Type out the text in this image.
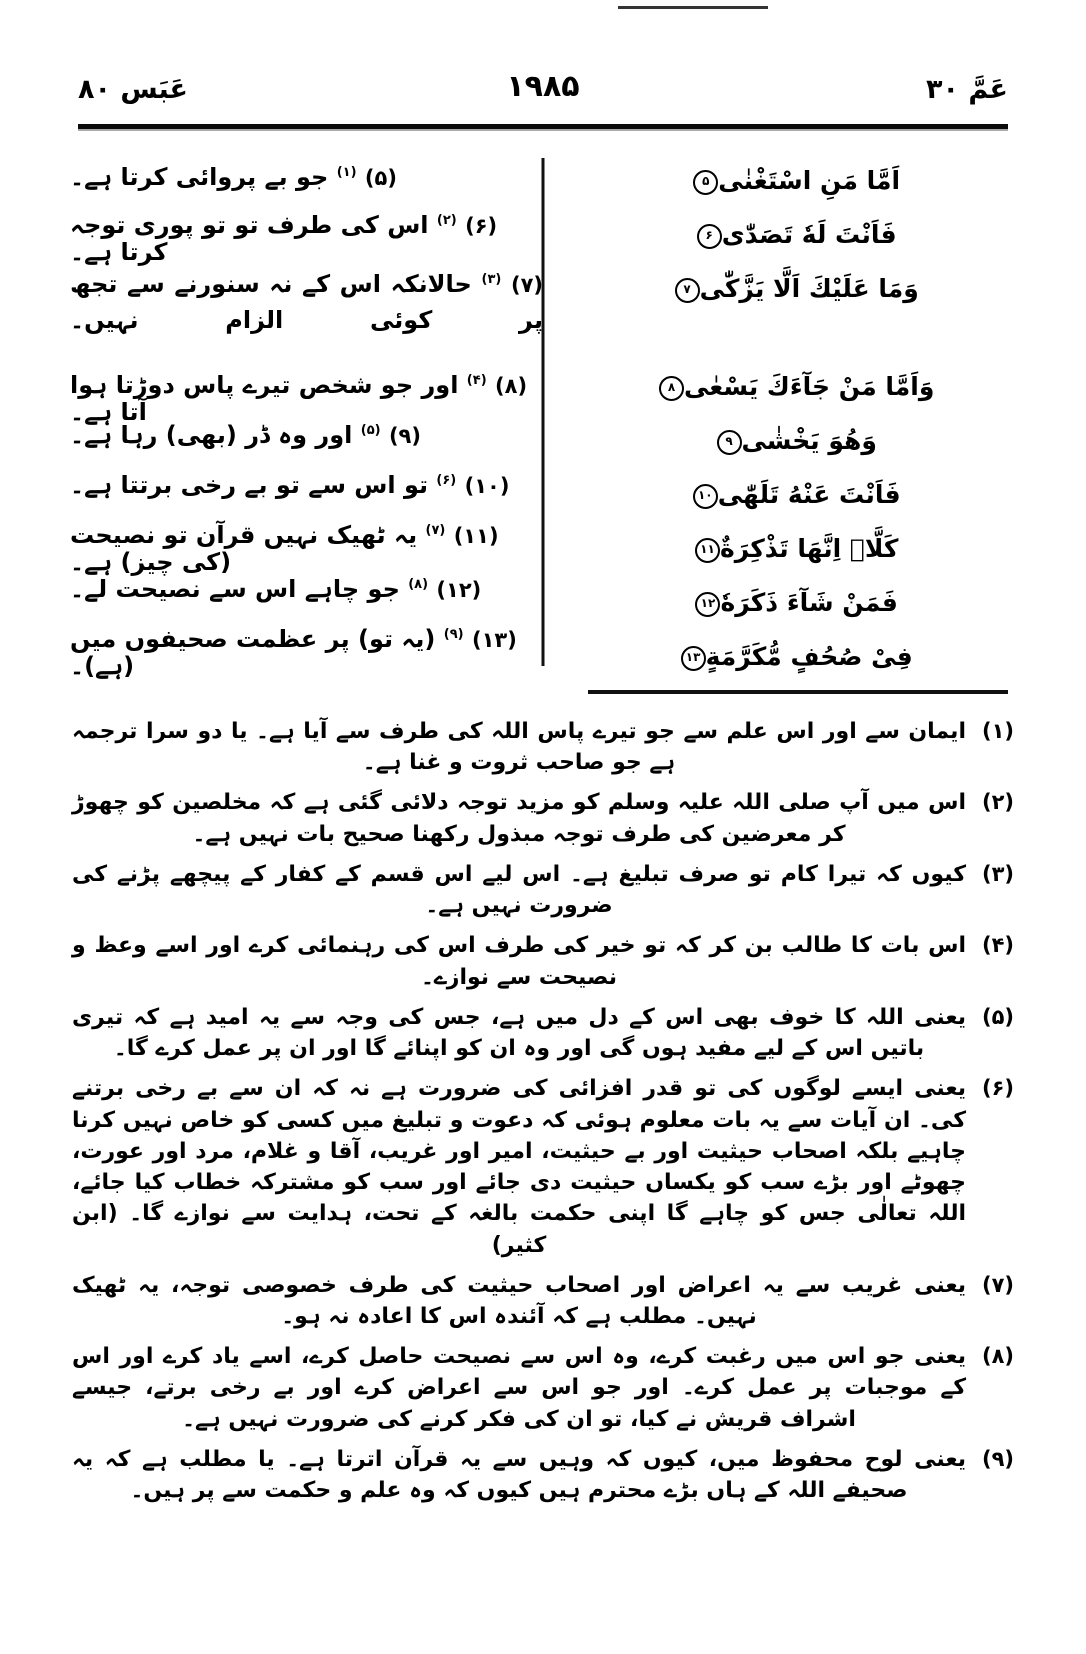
عَمَّ ۳۰
۱۹۸۵
عَبَس ۸۰
اَمَّا مَنِ اسْتَغْنٰى۵
فَاَنْتَ لَهٗ تَصَدّٰى۶
وَمَا عَلَيْكَ اَلَّا يَزَّكّٰى۷
وَاَمَّا مَنْ جَآءَكَ يَسْعٰى۸
وَهُوَ يَخْشٰى۹
فَاَنْتَ عَنْهُ تَلَهّٰى۱۰
كَلَّاۤ اِنَّهَا تَذْكِرَةٌ۱۱
فَمَنْ شَآءَ ذَكَرَهٗ۱۲
فِىْ صُحُفٍ مُّكَرَّمَةٍ۱۳
(۵) $^{(۱)}$ جو بے پروائی کرتا ہے۔
(۶) $^{(۲)}$ اس کی طرف تو تو پوری توجہ کرتا ہے۔
(۷) $^{(۳)}$ حالانکہ اس کے نہ سنورنے سے تجھ پر کوئی الزام نہیں۔
(۸) $^{(۴)}$ اور جو شخص تیرے پاس دوڑتا ہوا آتا ہے۔
(۹) $^{(۵)}$ اور وہ ڈر (بھی) رہا ہے۔
(۱۰) $^{(۶)}$ تو اس سے تو بے رخی برتتا ہے۔
(۱۱) $^{(۷)}$ یہ ٹھیک نہیں قرآن تو نصیحت (کی چیز) ہے۔
(۱۲) $^{(۸)}$ جو چاہے اس سے نصیحت لے۔
(۱۳) $^{(۹)}$ (یہ تو) پر عظمت صحیفوں میں (ہے)۔
(۱)
ایمان سے اور اس علم سے جو تیرے پاس اللہ کی طرف سے آیا ہے۔ یا دو سرا ترجمہ ہے جو صاحب ثروت و غنا ہے۔
(۲)
اس میں آپ صلی اللہ علیہ وسلم کو مزید توجہ دلائی گئی ہے کہ مخلصین کو چھوڑ کر معرضین کی طرف توجہ مبذول رکھنا صحیح بات نہیں ہے۔
(۳)
کیوں کہ تیرا کام تو صرف تبلیغ ہے۔ اس لیے اس قسم کے کفار کے پیچھے پڑنے کی ضرورت نہیں ہے۔
(۴)
اس بات کا طالب بن کر کہ تو خیر کی طرف اس کی رہنمائی کرے اور اسے وعظ و نصیحت سے نوازے۔
(۵)
یعنی اللہ کا خوف بھی اس کے دل میں ہے، جس کی وجہ سے یہ امید ہے کہ تیری باتیں اس کے لیے مفید ہوں گی اور وہ ان کو اپنائے گا اور ان پر عمل کرے گا۔
(۶)
یعنی ایسے لوگوں کی تو قدر افزائی کی ضرورت ہے نہ کہ ان سے بے رخی برتنے کی۔ ان آیات سے یہ بات معلوم ہوئی کہ دعوت و تبلیغ میں کسی کو خاص نہیں کرنا چاہیے بلکہ اصحاب حیثیت اور بے حیثیت، امیر اور غریب، آقا و غلام، مرد اور عورت، چھوٹے اور بڑے سب کو یکساں حیثیت دی جائے اور سب کو مشترکہ خطاب کیا جائے، اللہ تعالٰی جس کو چاہے گا اپنی حکمت بالغہ کے تحت، ہدایت سے نوازے گا۔ (ابن کثیر)
(۷)
یعنی غریب سے یہ اعراض اور اصحاب حیثیت کی طرف خصوصی توجہ، یہ ٹھیک نہیں۔ مطلب ہے کہ آئندہ اس کا اعادہ نہ ہو۔
(۸)
یعنی جو اس میں رغبت کرے، وہ اس سے نصیحت حاصل کرے، اسے یاد کرے اور اس کے موجبات پر عمل کرے۔ اور جو اس سے اعراض کرے اور بے رخی برتے، جیسے اشراف قریش نے کیا، تو ان کی فکر کرنے کی ضرورت نہیں ہے۔
(۹)
یعنی لوح محفوظ میں، کیوں کہ وہیں سے یہ قرآن اترتا ہے۔ یا مطلب ہے کہ یہ صحیفے اللہ کے ہاں بڑے محترم ہیں کیوں کہ وہ علم و حکمت سے پر ہیں۔
